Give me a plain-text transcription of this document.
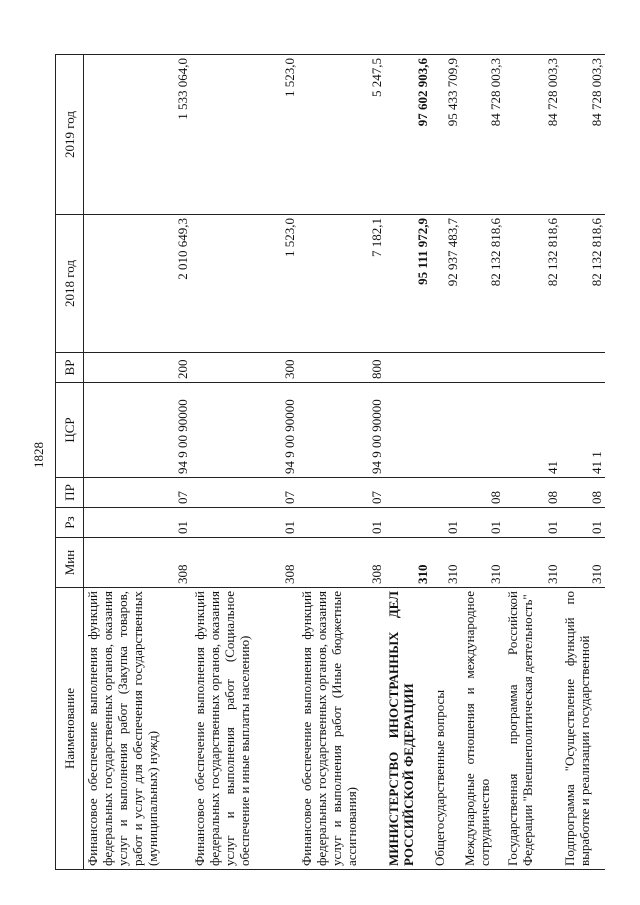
1828
Наименование	Мин	Рз	ПР	ЦСР	ВР	2018 год	2019 год
Финансовое обеспечение выполнения функций федеральных государственных органов, оказания услуг и выполнения работ (Закупка товаров, работ и услуг для обеспечения государственных (муниципальных) нужд)	308	01	07	94 9 00 90000	200	2 010 649,3	1 533 064,0
Финансовое обеспечение выполнения функций федеральных государственных органов, оказания услуг и выполнения работ (Социальное обеспечение и иные выплаты населению)	308	01	07	94 9 00 90000	300	1 523,0	1 523,0
Финансовое обеспечение выполнения функций федеральных государственных органов, оказания услуг и выполнения работ (Иные бюджетные ассигнования)	308	01	07	94 9 00 90000	800	7 182,1	5 247,5
МИНИСТЕРСТВО ИНОСТРАННЫХ ДЕЛ РОССИЙСКОЙ ФЕДЕРАЦИИ	310					95 111 972,9	97 602 903,6
Общегосударственные вопросы	310	01				92 937 483,7	95 433 709,9
Международные отношения и международное сотрудничество	310	01	08			82 132 818,6	84 728 003,3
Государственная программа Российской Федерации "Внешнеполитическая деятельность"	310	01	08	41		82 132 818,6	84 728 003,3
Подпрограмма "Осуществление функций по выработке и реализации государственной	310	01	08	41 1		82 132 818,6	84 728 003,3
